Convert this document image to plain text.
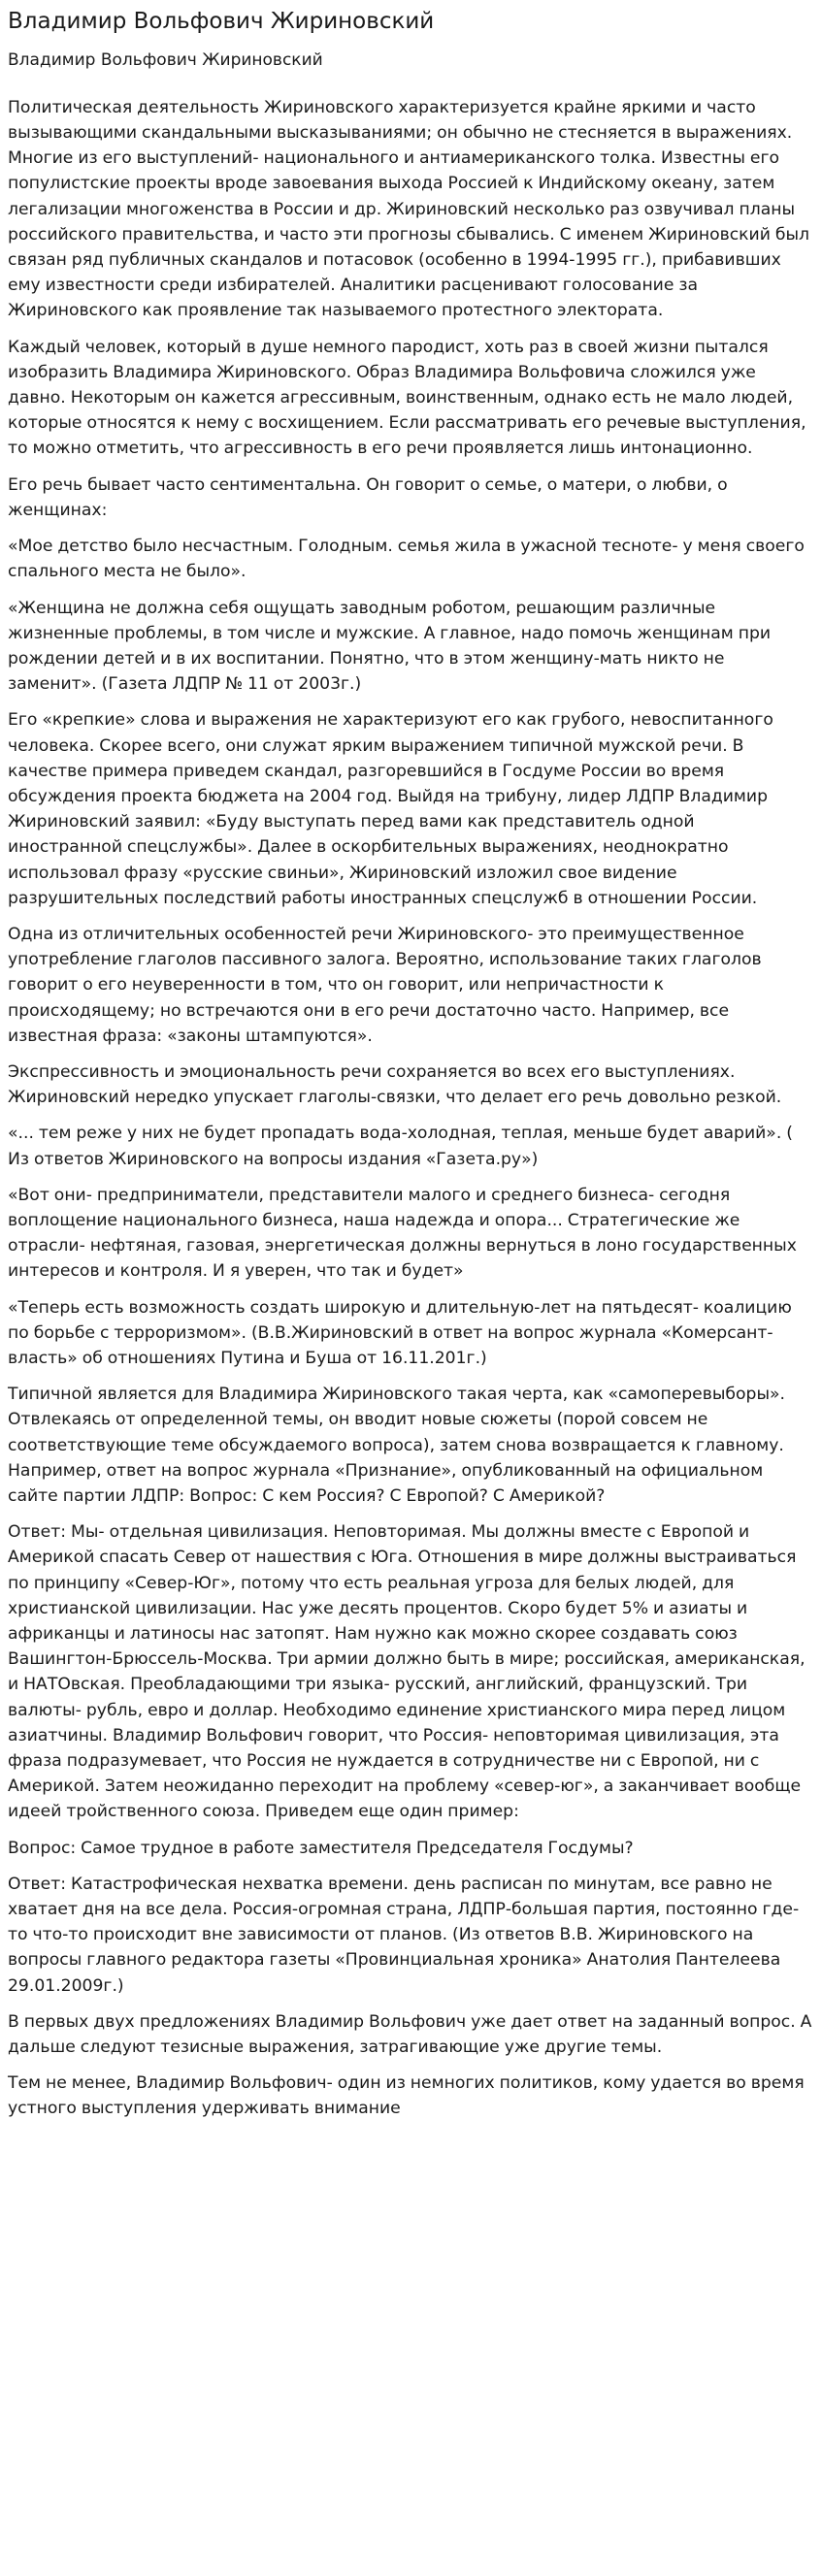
Владимир Вольфович Жириновский
Владимир Вольфович Жириновский

Политическая деятельность Жириновского характеризуется крайне яркими и часто вызывающими скандальными высказываниями; он обычно не стесняется в выражениях. Многие из его выступлений- национального и антиамериканского толка. Известны его популистские проекты вроде завоевания выхода Россией к Индийскому океану, затем легализации многоженства в России и др. Жириновский несколько раз озвучивал планы российского правительства, и часто эти прогнозы сбывались. С именем Жириновский был связан ряд публичных скандалов и потасовок (особенно в 1994-1995 гг.), прибавивших ему известности среди избирателей. Аналитики расценивают голосование за Жириновского как проявление так называемого протестного электората.

Каждый человек, который в душе немного пародист, хоть раз в своей жизни пытался изобразить Владимира Жириновского. Образ Владимира Вольфовича сложился уже давно. Некоторым он кажется агрессивным, воинственным, однако есть не мало людей, которые относятся к нему с восхищением. Если рассматривать его речевые выступления, то можно отметить, что агрессивность в его речи проявляется лишь интонационно.

Его речь бывает часто сентиментальна. Он говорит о семье, о матери, о любви, о женщинах:

«Мое детство было несчастным. Голодным. семья жила в ужасной тесноте- у меня своего спального места не было».

«Женщина не должна себя ощущать заводным роботом, решающим различные жизненные проблемы, в том числе и мужские. А главное, надо помочь женщинам при рождении детей и в их воспитании. Понятно, что в этом женщину-мать никто не заменит». (Газета ЛДПР № 11 от 2003г.)

Его «крепкие» слова и выражения не характеризуют его как грубого, невоспитанного человека. Скорее всего, они служат ярким выражением типичной мужской речи. В качестве примера приведем скандал, разгоревшийся в Госдуме России во время обсуждения проекта бюджета на 2004 год. Выйдя на трибуну, лидер ЛДПР Владимир Жириновский заявил: «Буду выступать перед вами как представитель одной иностранной спецслужбы». Далее в оскорбительных выражениях, неоднократно использовал фразу «русские свиньи», Жириновский изложил свое видение разрушительных последствий работы иностранных спецслужб в отношении России.

Одна из отличительных особенностей речи Жириновского- это преимущественное употребление глаголов пассивного залога. Вероятно, использование таких глаголов говорит о его неуверенности в том, что он говорит, или непричастности к происходящему; но встречаются они в его речи достаточно часто. Например, все известная фраза: «законы штампуются».

Экспрессивность и эмоциональность речи сохраняется во всех его выступлениях. Жириновский нередко упускает глаголы-связки, что делает его речь довольно резкой.

«... тем реже у них не будет пропадать вода-холодная, теплая, меньше будет аварий». ( Из ответов Жириновского на вопросы издания «Газета.ру»)

«Вот они- предприниматели, представители малого и среднего бизнеса- сегодня воплощение национального бизнеса, наша надежда и опора... Стратегические же отрасли- нефтяная, газовая, энергетическая должны вернуться в лоно государственных интересов и контроля. И я уверен, что так и будет»

«Теперь есть возможность создать широкую и длительную-лет на пятьдесят- коалицию по борьбе с терроризмом». (В.В.Жириновский в ответ на вопрос журнала «Комерсант-власть» об отношениях Путина и Буша от 16.11.201г.)

Типичной является для Владимира Жириновского такая черта, как «самоперевыборы». Отвлекаясь от определенной темы, он вводит новые сюжеты (порой совсем не соответствующие теме обсуждаемого вопроса), затем снова возвращается к главному. Например, ответ на вопрос журнала «Признание», опубликованный на официальном сайте партии ЛДПР: Вопрос: С кем Россия? С Европой? С Америкой?

Ответ: Мы- отдельная цивилизация. Неповторимая. Мы должны вместе с Европой и Америкой спасать Север от нашествия с Юга. Отношения в мире должны выстраиваться по принципу «Север-Юг», потому что есть реальная угроза для белых людей, для христианской цивилизации. Нас уже десять процентов. Скоро будет 5% и азиаты и африканцы и латиносы нас затопят. Нам нужно как можно скорее создавать союз Вашингтон-Брюссель-Москва. Три армии должно быть в мире; российская, американская, и НАТОвская. Преобладающими три языка- русский, английский, французский. Три валюты- рубль, евро и доллар. Необходимо единение христианского мира перед лицом азиатчины. Владимир Вольфович говорит, что Россия- неповторимая цивилизация, эта фраза подразумевает, что Россия не нуждается в сотрудничестве ни с Европой, ни с Америкой. Затем неожиданно переходит на проблему «север-юг», а заканчивает вообще идеей тройственного союза. Приведем еще один пример:

Вопрос: Самое трудное в работе заместителя Председателя Госдумы?

Ответ: Катастрофическая нехватка времени. день расписан по минутам, все равно не хватает дня на все дела. Россия-огромная страна, ЛДПР-большая партия, постоянно где-то что-то происходит вне зависимости от планов. (Из ответов В.В. Жириновского на вопросы главного редактора газеты «Провинциальная хроника» Анатолия Пантелеева 29.01.2009г.)

В первых двух предложениях Владимир Вольфович уже дает ответ на заданный вопрос. А дальше следуют тезисные выражения, затрагивающие уже другие темы.

Тем не менее, Владимир Вольфович- один из немногих политиков, кому удается во время устного выступления удерживать внимание
